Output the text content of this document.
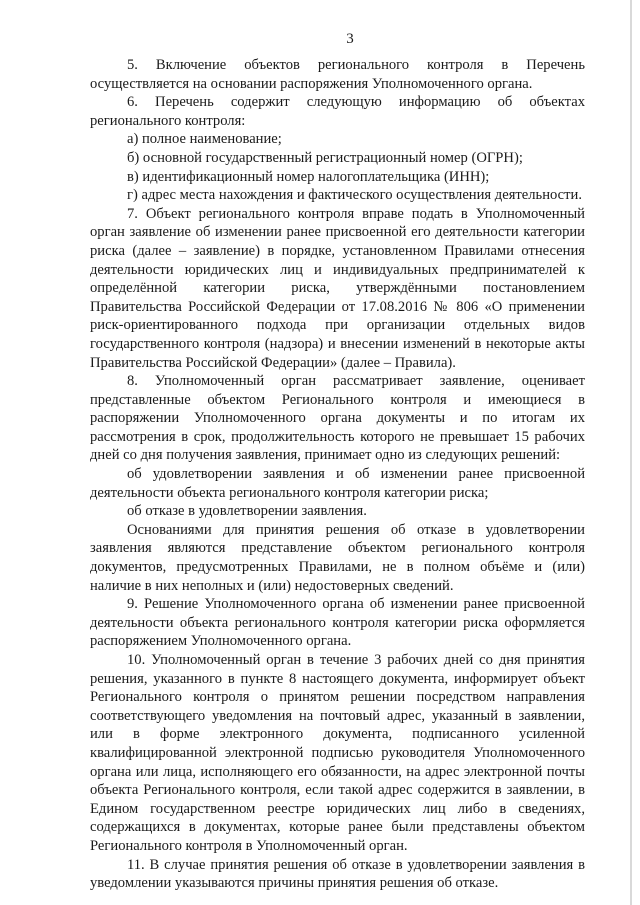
3

5. Включение объектов регионального контроля в Перечень осуществляется на основании распоряжения Уполномоченного органа.

6. Перечень содержит следующую информацию об объектах регионального контроля:

а) полное наименование;

б) основной государственный регистрационный номер (ОГРН);

в) идентификационный номер налогоплательщика (ИНН);

г) адрес места нахождения и фактического осуществления деятельности.

7. Объект регионального контроля вправе подать в Уполномоченный орган заявление об изменении ранее присвоенной его деятельности категории риска (далее – заявление) в порядке, установленном Правилами отнесения деятельности юридических лиц и индивидуальных предпринимателей к определённой категории риска, утверждёнными постановлением Правительства Российской Федерации от 17.08.2016 № 806 «О применении риск-ориентированного подхода при организации отдельных видов государственного контроля (надзора) и внесении изменений в некоторые акты Правительства Российской Федерации» (далее – Правила).

8. Уполномоченный орган рассматривает заявление, оценивает представленные объектом Регионального контроля и имеющиеся в распоряжении Уполномоченного органа документы и по итогам их рассмотрения в срок, продолжительность которого не превышает 15 рабочих дней со дня получения заявления, принимает одно из следующих решений:

об удовлетворении заявления и об изменении ранее присвоенной деятельности объекта регионального контроля категории риска;

об отказе в удовлетворении заявления.

Основаниями для принятия решения об отказе в удовлетворении заявления являются представление объектом регионального контроля документов, предусмотренных Правилами, не в полном объёме и (или) наличие в них неполных и (или) недостоверных сведений.

9. Решение Уполномоченного органа об изменении ранее присвоенной деятельности объекта регионального контроля категории риска оформляется распоряжением Уполномоченного органа.

10. Уполномоченный орган в течение 3 рабочих дней со дня принятия решения, указанного в пункте 8 настоящего документа, информирует объект Регионального контроля о принятом решении посредством направления соответствующего уведомления на почтовый адрес, указанный в заявлении, или в форме электронного документа, подписанного усиленной квалифицированной электронной подписью руководителя Уполномоченного органа или лица, исполняющего его обязанности, на адрес электронной почты объекта Регионального контроля, если такой адрес содержится в заявлении, в Едином государственном реестре юридических лиц либо в сведениях, содержащихся в документах, которые ранее были представлены объектом Регионального контроля в Уполномоченный орган.

11. В случае принятия решения об отказе в удовлетворении заявления в уведомлении указываются причины принятия решения об отказе.
